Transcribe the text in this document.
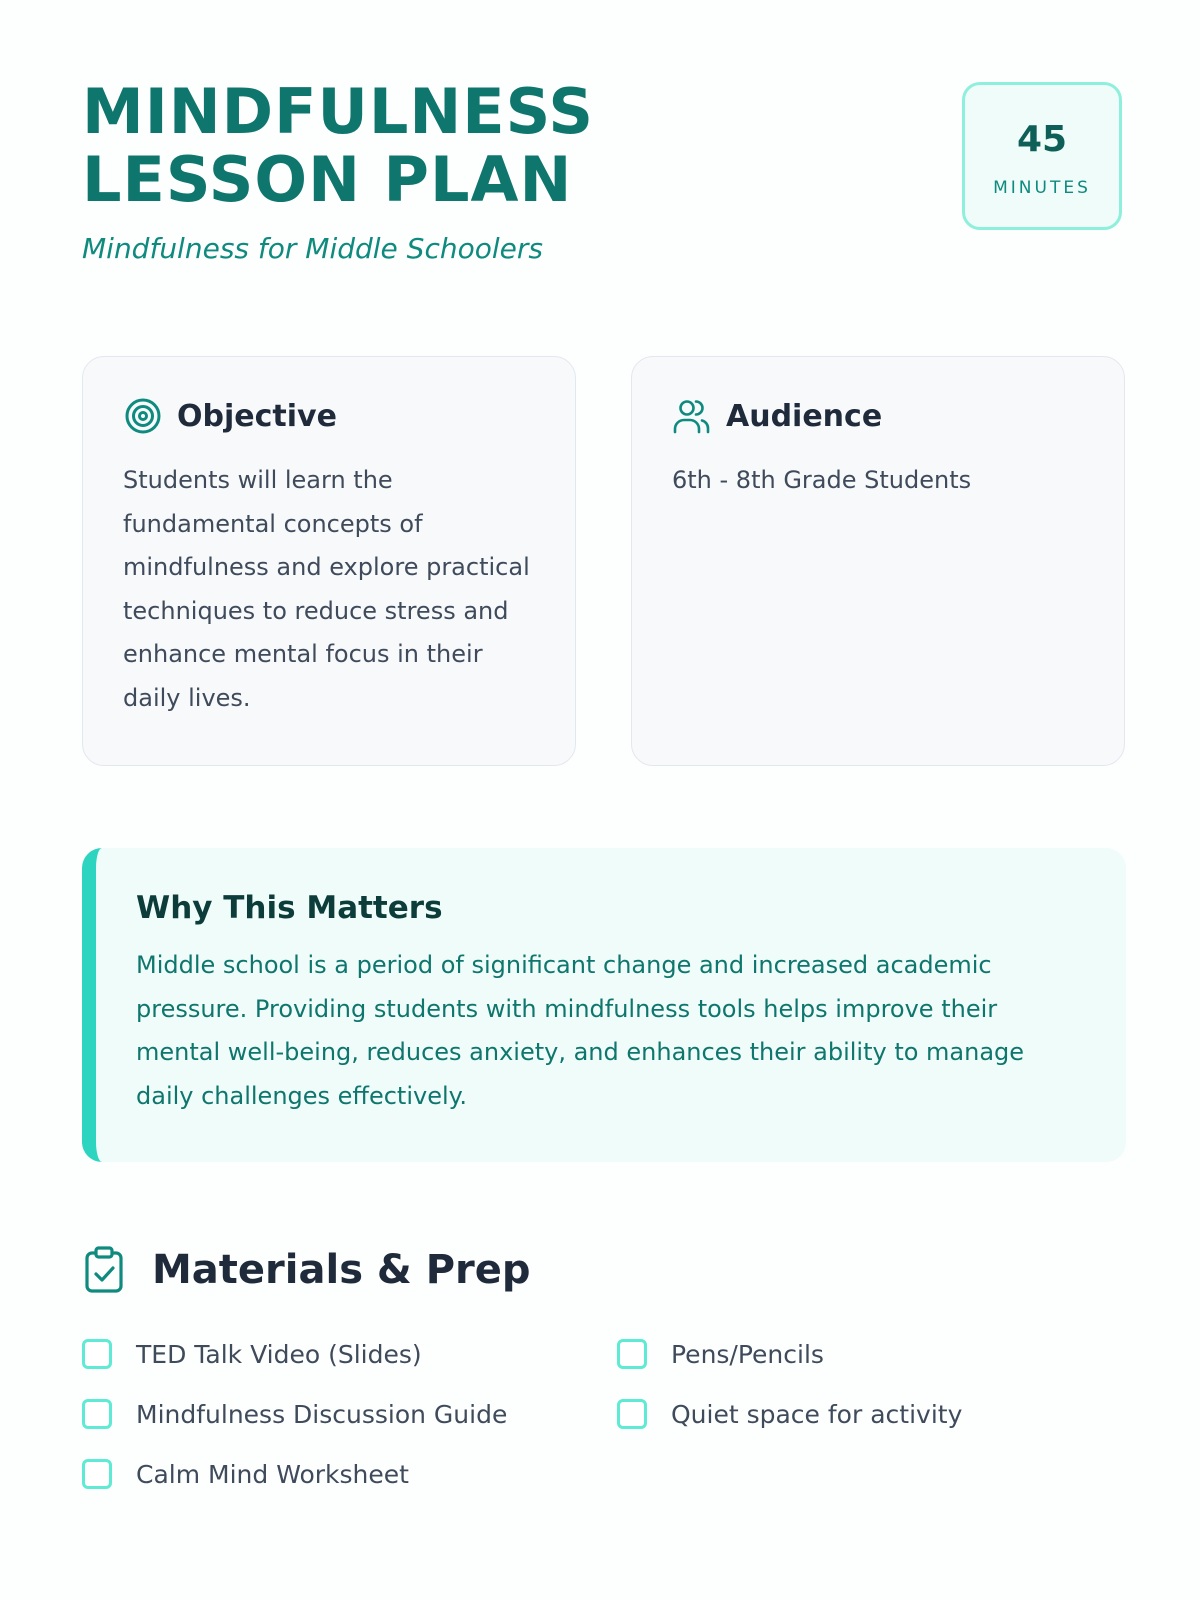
MINDFULNESS LESSON PLAN
Mindfulness for Middle Schoolers
45
MINUTES
Objective

Students will learn the fundamental concepts of mindfulness and explore practical techniques to reduce stress and enhance mental focus in their daily lives.

Audience

6th - 8th Grade Students

Why This Matters

Middle school is a period of significant change and increased academic pressure. Providing students with mindfulness tools helps improve their mental well-being, reduces anxiety, and enhances their ability to manage daily challenges effectively.

Materials & Prep
TED Talk Video (Slides)	Pens/Pencils
Mindfulness Discussion Guide	Quiet space for activity
Calm Mind Worksheet
